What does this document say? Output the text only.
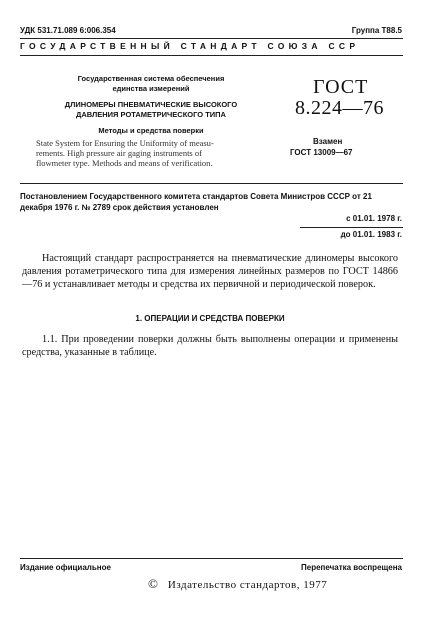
УДК 531.71.089 6:006.354	Группа Т88.5
ГОСУДАРСТВЕННЫЙ СТАНДАРТ СОЮЗА ССР
Государственная система обеспечения
единства измерений
ДЛИНОМЕРЫ ПНЕВМАТИЧЕСКИЕ ВЫСОКОГО
ДАВЛЕНИЯ РОТАМЕТРИЧЕСКОГО ТИПА
Методы и средства поверки
State System for Ensuring the Uniformity of measu-
rements. High pressure air gaging instruments of
flowmeter type. Methods and means of verification.
ГОСТ
8.224—76
Взамен
ГОСТ 13009—67
Постановлением Государственного комитета стандартов Совета Министров СССР от 21 декабря 1976 г. № 2789 срок действия установлен
с 01.01. 1978 г.
до 01.01. 1983 г.
Настоящий стандарт распространяется на пневматические длиномеры высокого давления ротаметрического типа для измерения линейных размеров по ГОСТ 14866—76 и устанавливает методы и средства их первичной и периодической поверок.
1. ОПЕРАЦИИ И СРЕДСТВА ПОВЕРКИ
1.1. При проведении поверки должны быть выполнены операции и применены средства, указанные в таблице.
Издание официальное	Перепечатка воспрещена
© Издательство стандартов, 1977
